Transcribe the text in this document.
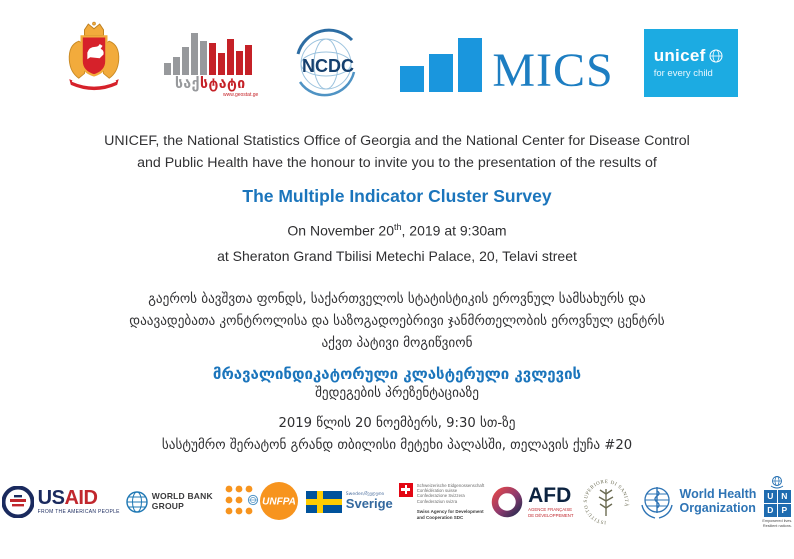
საქსტატი
www.geostat.ge
NCDC	MICS unicef
for every child

UNICEF, the National Statistics Office of Georgia and the National Center for Disease Control
and Public Health have the honour to invite you to the presentation of the results of

The Multiple Indicator Cluster Survey

On November 20th, 2019 at 9:30am

at Sheraton Grand Tbilisi Metechi Palace, 20, Telavi street

გაეროს ბავშვთა ფონდს, საქართველოს სტატისტიკის ეროვნულ სამსახურს და
დაავადებათა კონტროლისა და საზოგადოებრივი ჯანმრთელობის ეროვნულ ცენტრს
აქვთ პატივი მოგიწვიონ

მრავალინდიკატორული კლასტერული კვლევის

შედეგების პრეზენტაციაზე

2019 წლის 20 ნოემბერს, 9:30 სთ-ზე

სასტუმრო შერატონ გრანდ თბილისი მეტეხი პალასში, თელავის ქუჩა #20

USAID
FROM THE AMERICAN PEOPLE
WORLD BANK GROUP	UNFPA
Sweden/შვედეთი
Sverige
Schweizerische Eidgenossenschaft
Confédération suisse
Confederazione Svizzera
Confederaziun svizra
Swiss Agency for Development
and Cooperation SDC
AFD
AGENCE FRANÇAISE
DE DÉVELOPPEMENT
ISTITUTO SUPERIORE DI SANITÀ
World Health
Organization
U N
D P
Empowered lives.
Resilient nations.
